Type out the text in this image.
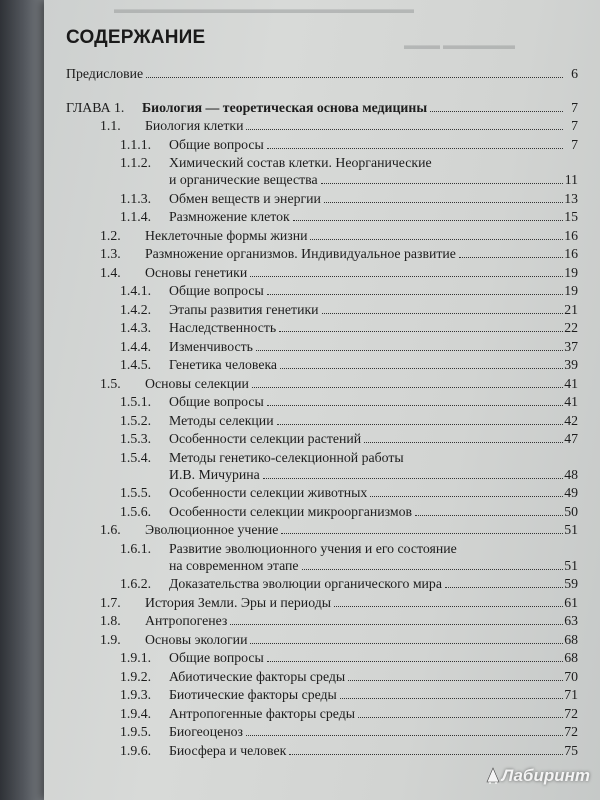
▬▬▬▬▬▬▬▬▬▬▬▬▬▬▬▬▬▬▬▬▬▬▬▬▬
▬▬▬ ▬▬▬▬▬▬
СОДЕРЖАНИЕ
Предисловие	6
ГЛАВА 1.	Биология — теоретическая основа медицины	7
1.1.	Биология клетки	7
1.1.1.	Общие вопросы	7
1.1.2. Химический состав клетки. Неорганические
и органические вещества	11
1.1.3.	Обмен веществ и энергии	13
1.1.4.	Размножение клеток	15
1.2.	Неклеточные формы жизни	16
1.3.	Размножение организмов. Индивидуальное развитие	16
1.4.	Основы генетики	19
1.4.1.	Общие вопросы	19
1.4.2.	Этапы развития генетики	21
1.4.3.	Наследственность	22
1.4.4.	Изменчивость	37
1.4.5.	Генетика человека	39
1.5.	Основы селекции	41
1.5.1.	Общие вопросы	41
1.5.2.	Методы селекции	42
1.5.3.	Особенности селекции растений	47
1.5.4. Методы генетико-селекционной работы
И.В. Мичурина	48
1.5.5.	Особенности селекции животных	49
1.5.6.	Особенности селекции микроорганизмов	50
1.6.	Эволюционное учение	51
1.6.1. Развитие эволюционного учения и его состояние
на современном этапе	51
1.6.2.	Доказательства эволюции органического мира	59
1.7.	История Земли. Эры и периоды	61
1.8.	Антропогенез	63
1.9.	Основы экологии	68
1.9.1.	Общие вопросы	68
1.9.2.	Абиотические факторы среды	70
1.9.3.	Биотические факторы среды	71
1.9.4.	Антропогенные факторы среды	72
1.9.5.	Биогеоценоз	72
1.9.6.	Биосфера и человек	75
Лабиринт
